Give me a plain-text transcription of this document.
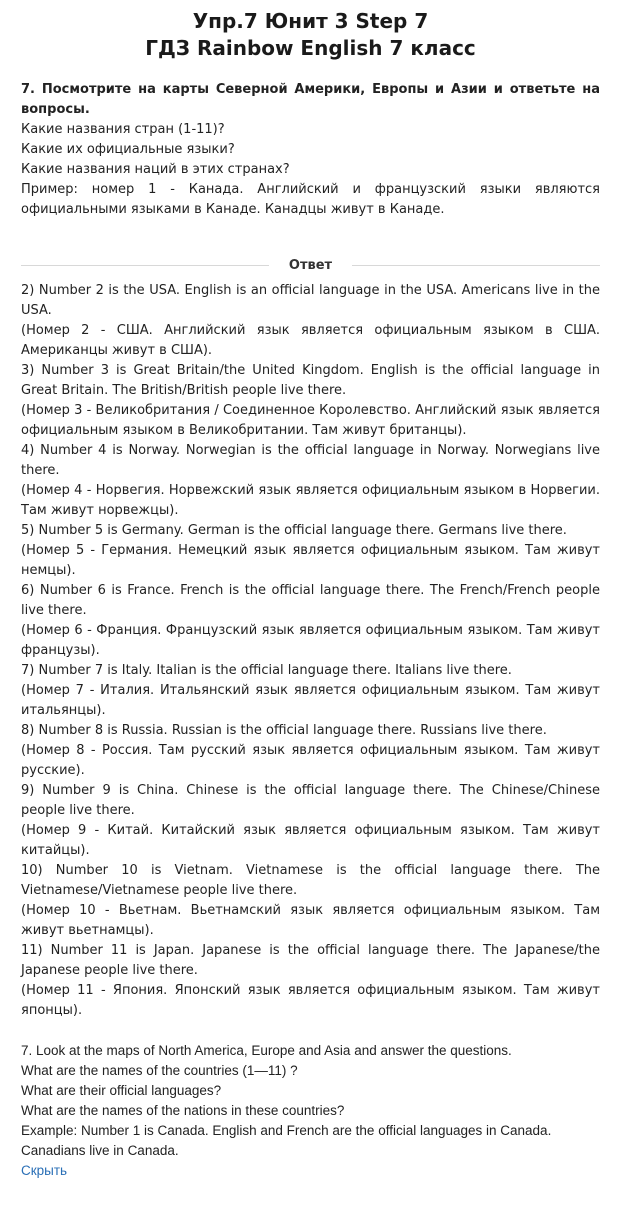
Упр.7 Юнит 3 Step 7
ГДЗ Rainbow English 7 класс
7. Посмотрите на карты Северной Америки, Европы и Азии и ответьте на вопросы.
Какие названия стран (1-11)?
Какие их официальные языки?
Какие названия наций в этих странах?
Пример: номер 1 - Канада. Английский и французский языки являются официальными языками в Канаде. Канадцы живут в Канаде.
Ответ

2) Number 2 is the USA. English is an official language in the USA. Americans live in the USA.

(Номер 2 - США. Английский язык является официальным языком в США. Американцы живут в США).

3) Number 3 is Great Britain/the United Kingdom. English is the official language in Great Britain. The British/British people live there.

(Номер 3 - Великобритания / Соединенное Королевство. Английский язык является официальным языком в Великобритании. Там живут британцы).

4) Number 4 is Norway. Norwegian is the official language in Norway. Norwegians live there.

(Номер 4 - Норвегия. Норвежский язык является официальным языком в Норвегии. Там живут норвежцы).

5) Number 5 is Germany. German is the official language there. Germans live there.

(Номер 5 - Германия. Немецкий язык является официальным языком. Там живут немцы).

6) Number 6 is France. French is the official language there. The French/French people live there.

(Номер 6 - Франция. Французский язык является официальным языком. Там живут французы).

7) Number 7 is Italy. Italian is the official language there. Italians live there.

(Номер 7 - Италия. Итальянский язык является официальным языком. Там живут итальянцы).

8) Number 8 is Russia. Russian is the official language there. Russians live there.

(Номер 8 - Россия. Там русский язык является официальным языком. Там живут русские).

9) Number 9 is China. Chinese is the official language there. The Chinese/Chinese people live there.

(Номер 9 - Китай. Китайский язык является официальным языком. Там живут китайцы).

10) Number 10 is Vietnam. Vietnamese is the official language there. The Vietnamese/Vietnamese people live there.

(Номер 10 - Вьетнам. Вьетнамский язык является официальным языком. Там живут вьетнамцы).

11) Number 11 is Japan. Japanese is the official language there. The Japanese/the Japanese people live there.

(Номер 11 - Япония. Японский язык является официальным языком. Там живут японцы).

7. Look at the maps of North America, Europe and Asia and answer the questions.

What are the names of the countries (1—11) ?

What are their official languages?

What are the names of the nations in these countries?

Example: Number 1 is Canada. English and French are the official languages in Canada. Canadians live in Canada.

Скрыть
